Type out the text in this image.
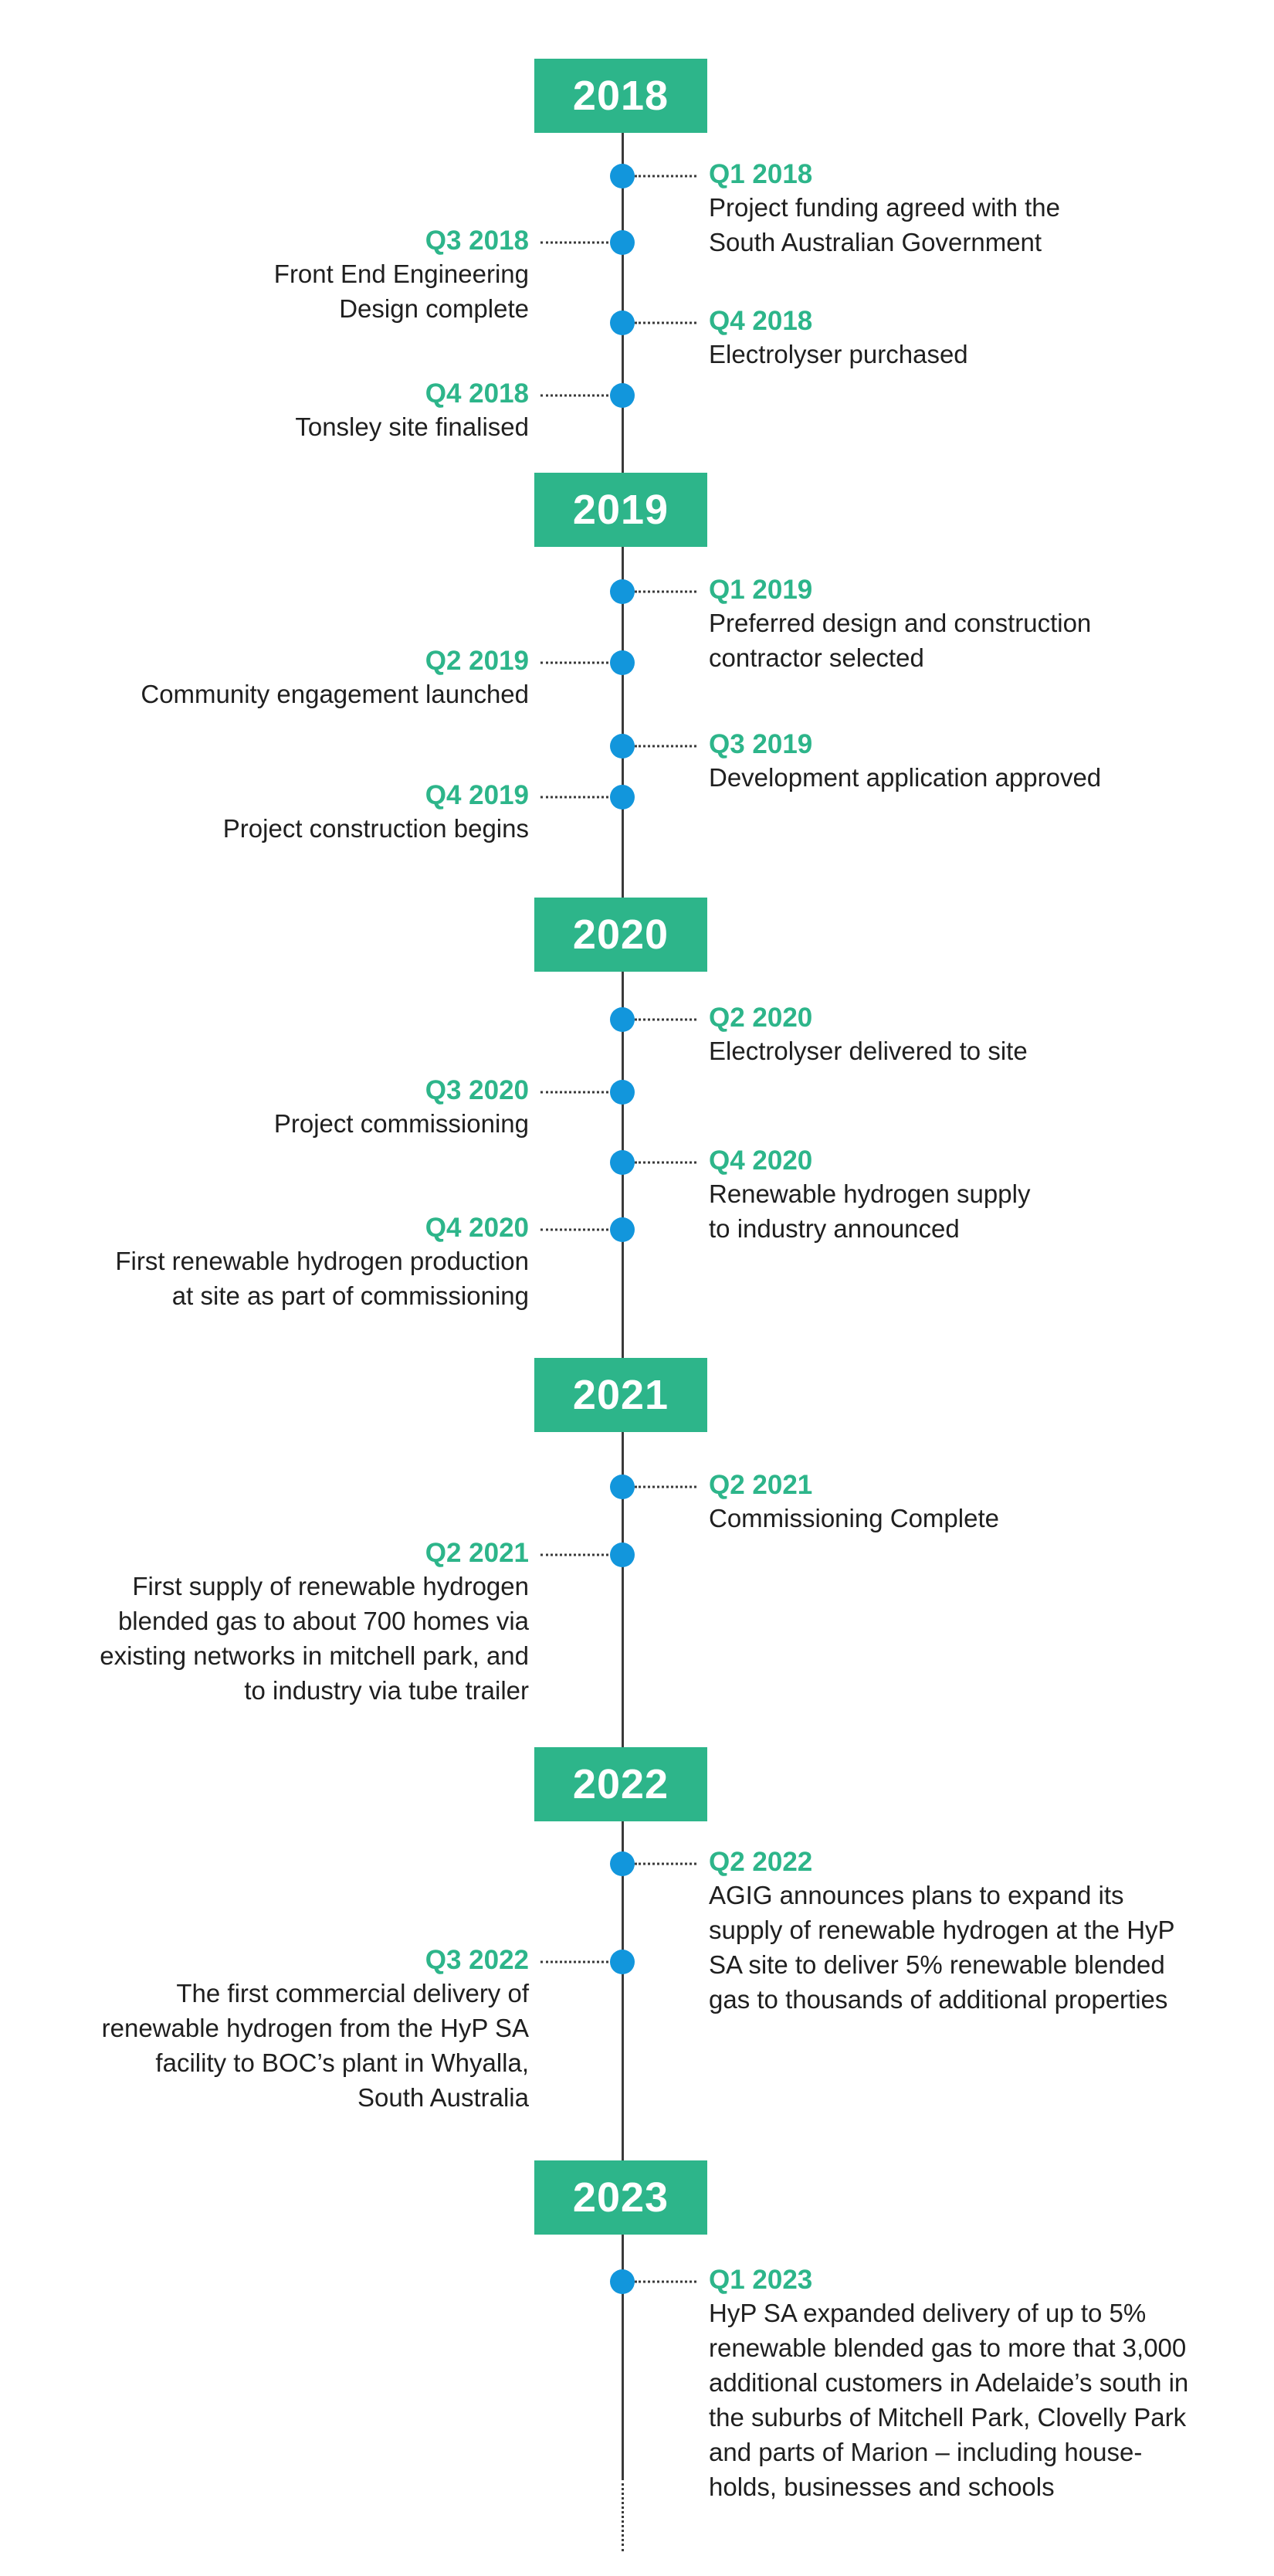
2018
Q1 2018
Project funding agreed with the
South Australian Government
Q3 2018
Front End Engineering
Design complete	Q4 2018
Electrolyser purchased
Q4 2018
Tonsley site finalised
2019
Q1 2019
Preferred design and construction
contractor selected
Q2 2019
Community engagement launched
Q3 2019
Development application approved
Q4 2019
Project construction begins
2020
Q2 2020
Electrolyser delivered to site
Q3 2020
Project commissioning
Q4 2020
Renewable hydrogen supply
to industry announced
Q4 2020
First renewable hydrogen production
at site as part of commissioning
2021
Q2 2021
Commissioning Complete
Q2 2021
First supply of renewable hydrogen
blended gas to about 700 homes via
existing networks in mitchell park, and
to industry via tube trailer
2022
Q2 2022
AGIG announces plans to expand its
supply of renewable hydrogen at the HyP
SA site to deliver 5% renewable blended
gas to thousands of additional properties
Q3 2022
The first commercial delivery of
renewable hydrogen from the HyP SA
facility to BOC’s plant in Whyalla,
South Australia
2023
Q1 2023
HyP SA expanded delivery of up to 5%
renewable blended gas to more that 3,000
additional customers in Adelaide’s south in
the suburbs of Mitchell Park, Clovelly Park
and parts of Marion – including house-
holds, businesses and schools
